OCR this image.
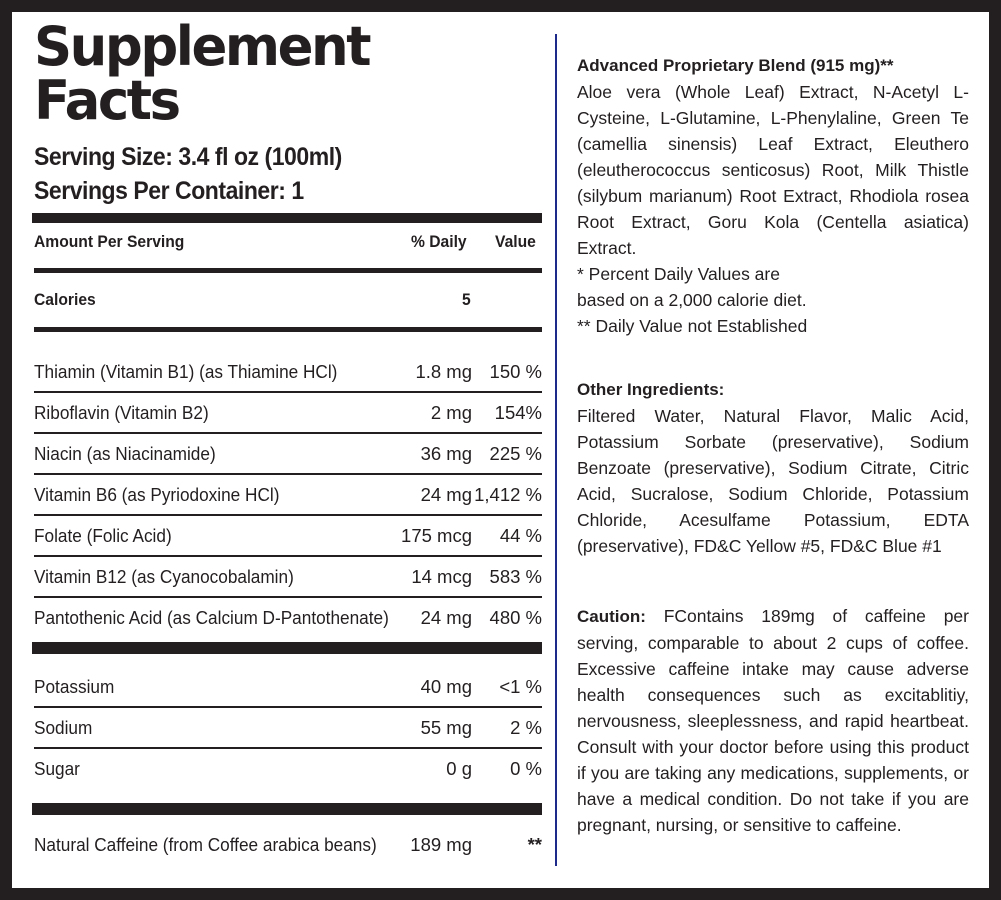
Supplement
Facts
Serving Size: 3.4 fl oz (100ml)
Servings Per Container: 1
Amount Per Serving	% Daily Value
Calories	5
Thiamin (Vitamin B1) (as Thiamine HCl)	1.8 mg 150 %
Riboflavin (Vitamin B2)	2 mg 154%
Niacin (as Niacinamide)	36 mg 225 %
Vitamin B6 (as Pyriodoxine HCl)	24 mg 1,412 %
Folate (Folic Acid)	175 mcg 44 %
Vitamin B12 (as Cyanocobalamin)	14 mcg 583 %
Pantothenic Acid (as Calcium D-Pantothenate) 24 mg 480 %
Potassium	40 mg <1 %
Sodium	55 mg 2 %
Sugar	0 g 0 %
Natural Caffeine (from Coffee arabica beans) 189 mg	**

Advanced Proprietary Blend (915 mg)**

Aloe vera (Whole Leaf) Extract, N-Acetyl L-Cysteine, L-Glutamine, L-Phenylaline, Green Te (camellia sinensis) Leaf Extract, Eleuthero (eleutherococcus senticosus) Root, Milk Thistle (silybum marianum) Root Extract, Rhodiola rosea Root Extract, Goru Kola (Centella asiatica) Extract.

* Percent Daily Values are

based on a 2,000 calorie diet.

** Daily Value not Established

Other Ingredients:

Filtered Water, Natural Flavor, Malic Acid, Potassium Sorbate (preservative), Sodium Benzoate (preservative), Sodium Citrate, Citric Acid, Sucralose, Sodium Chloride, Potassium Chloride, Acesulfame Potassium, EDTA (preservative), FD&C Yellow #5, FD&C Blue #1

Caution: FContains 189mg of caffeine per serving, comparable to about 2 cups of coffee. Excessive caffeine intake may cause adverse health consequences such as excitablitiy, nervousness, sleeplessness, and rapid heartbeat. Consult with your doctor before using this product if you are taking any medications, supplements, or have a medical condition. Do not take if you are pregnant, nursing, or sensitive to caffeine.
